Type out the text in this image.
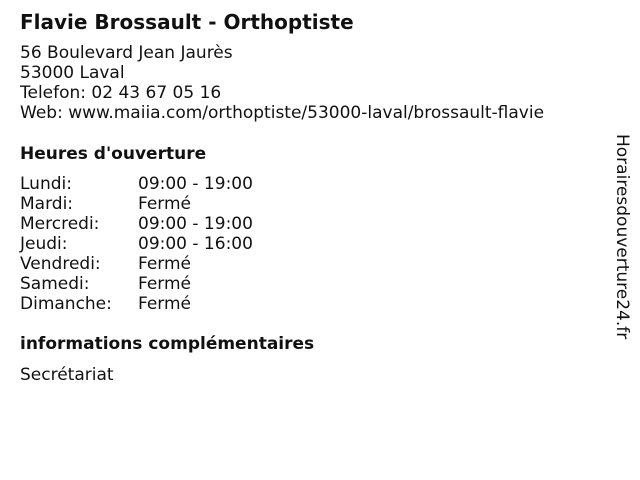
Flavie Brossault - Orthoptiste
56 Boulevard Jean Jaurès
53000 Laval
Telefon: 02 43 67 05 16
Web: www.maiia.com/orthoptiste/53000-laval/brossault-flavie
Heures d'ouverture
Lundi:	09:00 - 19:00
Mardi:	Fermé
Mercredi: 09:00 - 19:00
Jeudi:	09:00 - 16:00
Vendredi: Fermé
Samedi:	Fermé
Dimanche: Fermé
informations complémentaires
Secrétariat
Horairesdouverture24.fr
